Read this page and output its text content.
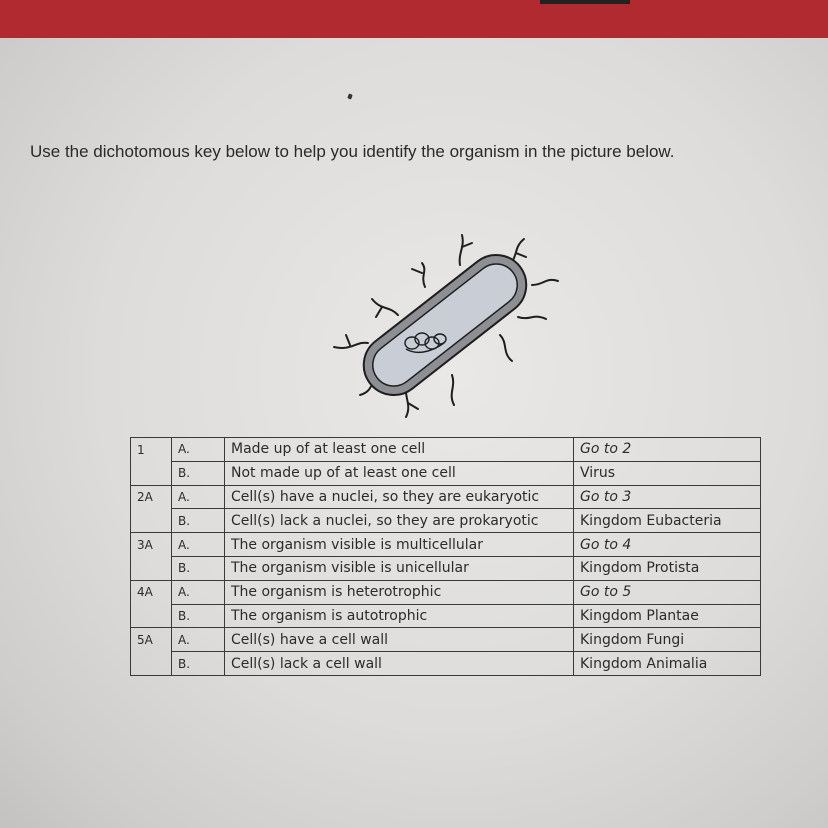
Use the dichotomous key below to help you identify the organism in the picture below.
1	A.	Made up of at least one cell	Go to 2
	B.	Not made up of at least one cell	Virus
2A	A.	Cell(s) have a nuclei, so they are eukaryotic	Go to 3
	B.	Cell(s) lack a nuclei, so they are prokaryotic	Kingdom Eubacteria
3A	A.	The organism visible is multicellular	Go to 4
	B.	The organism visible is unicellular	Kingdom Protista
4A	A.	The organism is heterotrophic	Go to 5
	B.	The organism is autotrophic	Kingdom Plantae
5A	A.	Cell(s) have a cell wall	Kingdom Fungi
	B.	Cell(s) lack a cell wall	Kingdom Animalia
